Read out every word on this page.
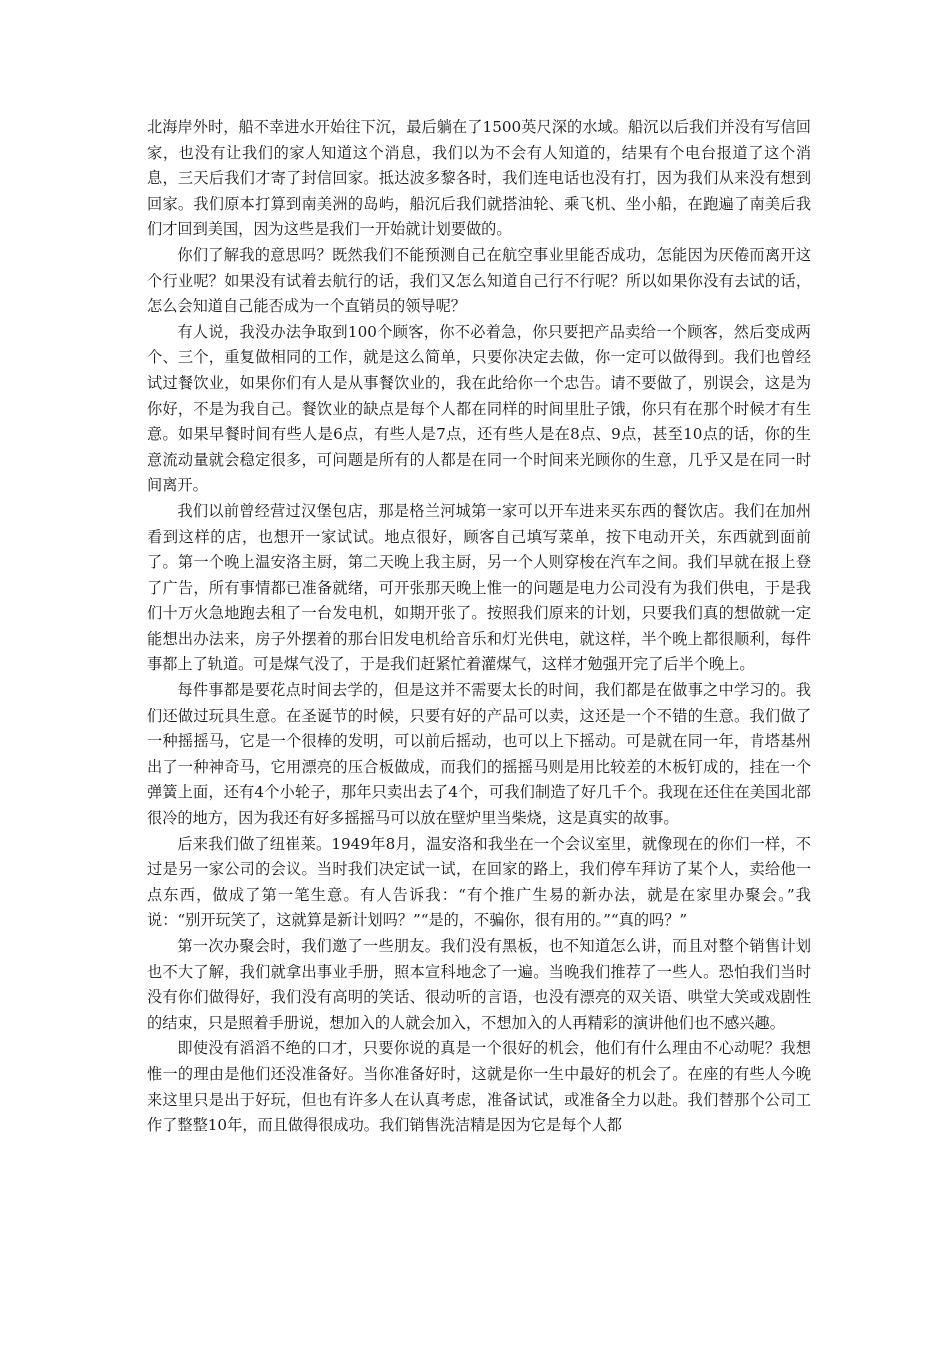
北海岸外时，船不幸进水开始往下沉，最后躺在了1500英尺深的水域。船沉以后我们并没有写信回家，也没有让我们的家人知道这个消息，我们以为不会有人知道的，结果有个电台报道了这个消息，三天后我们才寄了封信回家。抵达波多黎各时，我们连电话也没有打，因为我们从来没有想到回家。我们原本打算到南美洲的岛屿，船沉后我们就搭油轮、乘飞机、坐小船，在跑遍了南美后我们才回到美国，因为这些是我们一开始就计划要做的。

你们了解我的意思吗？既然我们不能预测自己在航空事业里能否成功，怎能因为厌倦而离开这个行业呢？如果没有试着去航行的话，我们又怎么知道自己行不行呢？所以如果你没有去试的话，怎么会知道自己能否成为一个直销员的领导呢？

有人说，我没办法争取到100个顾客，你不必着急，你只要把产品卖给一个顾客，然后变成两个、三个，重复做相同的工作，就是这么简单，只要你决定去做，你一定可以做得到。我们也曾经试过餐饮业，如果你们有人是从事餐饮业的，我在此给你一个忠告。请不要做了，别误会，这是为你好，不是为我自己。餐饮业的缺点是每个人都在同样的时间里肚子饿，你只有在那个时候才有生意。如果早餐时间有些人是6点，有些人是7点，还有些人是在8点、9点，甚至10点的话，你的生意流动量就会稳定很多，可问题是所有的人都是在同一个时间来光顾你的生意，几乎又是在同一时间离开。

我们以前曾经营过汉堡包店，那是格兰河城第一家可以开车进来买东西的餐饮店。我们在加州看到这样的店，也想开一家试试。地点很好，顾客自己填写菜单，按下电动开关，东西就到面前了。第一个晚上温安洛主厨，第二天晚上我主厨，另一个人则穿梭在汽车之间。我们早就在报上登了广告，所有事情都已准备就绪，可开张那天晚上惟一的问题是电力公司没有为我们供电，于是我们十万火急地跑去租了一台发电机，如期开张了。按照我们原来的计划，只要我们真的想做就一定能想出办法来，房子外摆着的那台旧发电机给音乐和灯光供电，就这样，半个晚上都很顺利，每件事都上了轨道。可是煤气没了，于是我们赶紧忙着灌煤气，这样才勉强开完了后半个晚上。

每件事都是要花点时间去学的，但是这并不需要太长的时间，我们都是在做事之中学习的。我们还做过玩具生意。在圣诞节的时候，只要有好的产品可以卖，这还是一个不错的生意。我们做了一种摇摇马，它是一个很棒的发明，可以前后摇动，也可以上下摇动。可是就在同一年，肯塔基州出了一种神奇马，它用漂亮的压合板做成，而我们的摇摇马则是用比较差的木板钉成的，挂在一个弹簧上面，还有4个小轮子，那年只卖出去了4个，可我们制造了好几千个。我现在还住在美国北部很冷的地方，因为我还有好多摇摇马可以放在壁炉里当柴烧，这是真实的故事。

后来我们做了纽崔莱。1949年8月，温安洛和我坐在一个会议室里，就像现在的你们一样，不过是另一家公司的会议。当时我们决定试一试，在回家的路上，我们停车拜访了某个人，卖给他一点东西，做成了第一笔生意。有人告诉我：“有个推广生易的新办法，就是在家里办聚会。”我说：“别开玩笑了，这就算是新计划吗？”“是的，不骗你，很有用的。”“真的吗？”

第一次办聚会时，我们邀了一些朋友。我们没有黑板，也不知道怎么讲，而且对整个销售计划也不大了解，我们就拿出事业手册，照本宣科地念了一遍。当晚我们推荐了一些人。恐怕我们当时没有你们做得好，我们没有高明的笑话、很动听的言语，也没有漂亮的双关语、哄堂大笑或戏剧性的结束，只是照着手册说，想加入的人就会加入，不想加入的人再精彩的演讲他们也不感兴趣。

即使没有滔滔不绝的口才，只要你说的真是一个很好的机会，他们有什么理由不心动呢？我想惟一的理由是他们还没准备好。当你准备好时，这就是你一生中最好的机会了。在座的有些人今晚来这里只是出于好玩，但也有许多人在认真考虑，准备试试，或准备全力以赴。我们替那个公司工作了整整10年，而且做得很成功。我们销售洗洁精是因为它是每个人都
